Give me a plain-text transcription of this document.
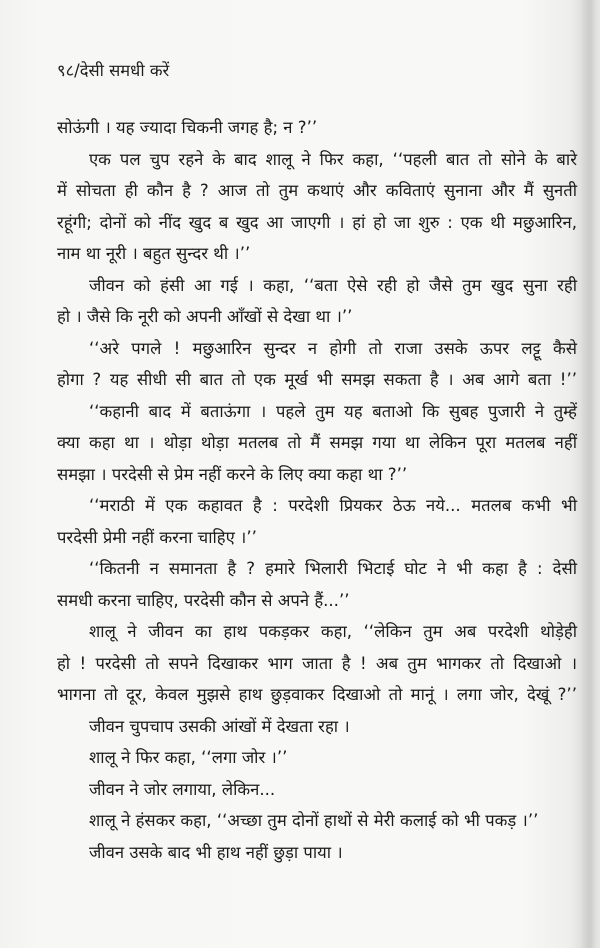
९८/देसी समधी करें
सोऊंगी । यह ज्यादा चिकनी जगह है; न ?’’
एक पल चुप रहने के बाद शालू ने फिर कहा, ‘‘पहली बात तो सोने के बारे
में सोचता ही कौन है ? आज तो तुम कथाएं और कविताएं सुनाना और मैं सुनती
रहूंगी; दोनों को नींद खुद ब खुद आ जाएगी । हां हो जा शुरु : एक थी मछुआरिन,
नाम था नूरी । बहुत सुन्दर थी ।’’
जीवन को हंसी आ गई । कहा, ‘‘बता ऐसे रही हो जैसे तुम खुद सुना रही
हो । जैसे कि नूरी को अपनी आँखों से देखा था ।’’
‘‘अरे पगले ! मछुआरिन सुन्दर न होगी तो राजा उसके ऊपर लट्टू कैसे
होगा ? यह सीधी सी बात तो एक मूर्ख भी समझ सकता है । अब आगे बता !’’
‘‘कहानी बाद में बताऊंगा । पहले तुम यह बताओ कि सुबह पुजारी ने तुम्हें
क्या कहा था । थोड़ा थोड़ा मतलब तो मैं समझ गया था लेकिन पूरा मतलब नहीं
समझा । परदेसी से प्रेम नहीं करने के लिए क्या कहा था ?’’
‘‘मराठी में एक कहावत है : परदेशी प्रियकर ठेऊ नये... मतलब कभी भी
परदेसी प्रेमी नहीं करना चाहिए ।’’
‘‘कितनी न समानता है ? हमारे भिलारी भिटाई घोट ने भी कहा है : देसी
समधी करना चाहिए, परदेसी कौन से अपने हैं...’’
शालू ने जीवन का हाथ पकड़कर कहा, ‘‘लेकिन तुम अब परदेशी थोड़ेही
हो ! परदेसी तो सपने दिखाकर भाग जाता है ! अब तुम भागकर तो दिखाओ ।
भागना तो दूर, केवल मुझसे हाथ छुड़वाकर दिखाओ तो मानूं । लगा जोर, देखूं ?’’
जीवन चुपचाप उसकी आंखों में देखता रहा ।
शालू ने फिर कहा, ‘‘लगा जोर ।’’
जीवन ने जोर लगाया, लेकिन...
शालू ने हंसकर कहा, ‘‘अच्छा तुम दोनों हाथों से मेरी कलाई को भी पकड़ ।’’
जीवन उसके बाद भी हाथ नहीं छुड़ा पाया ।
